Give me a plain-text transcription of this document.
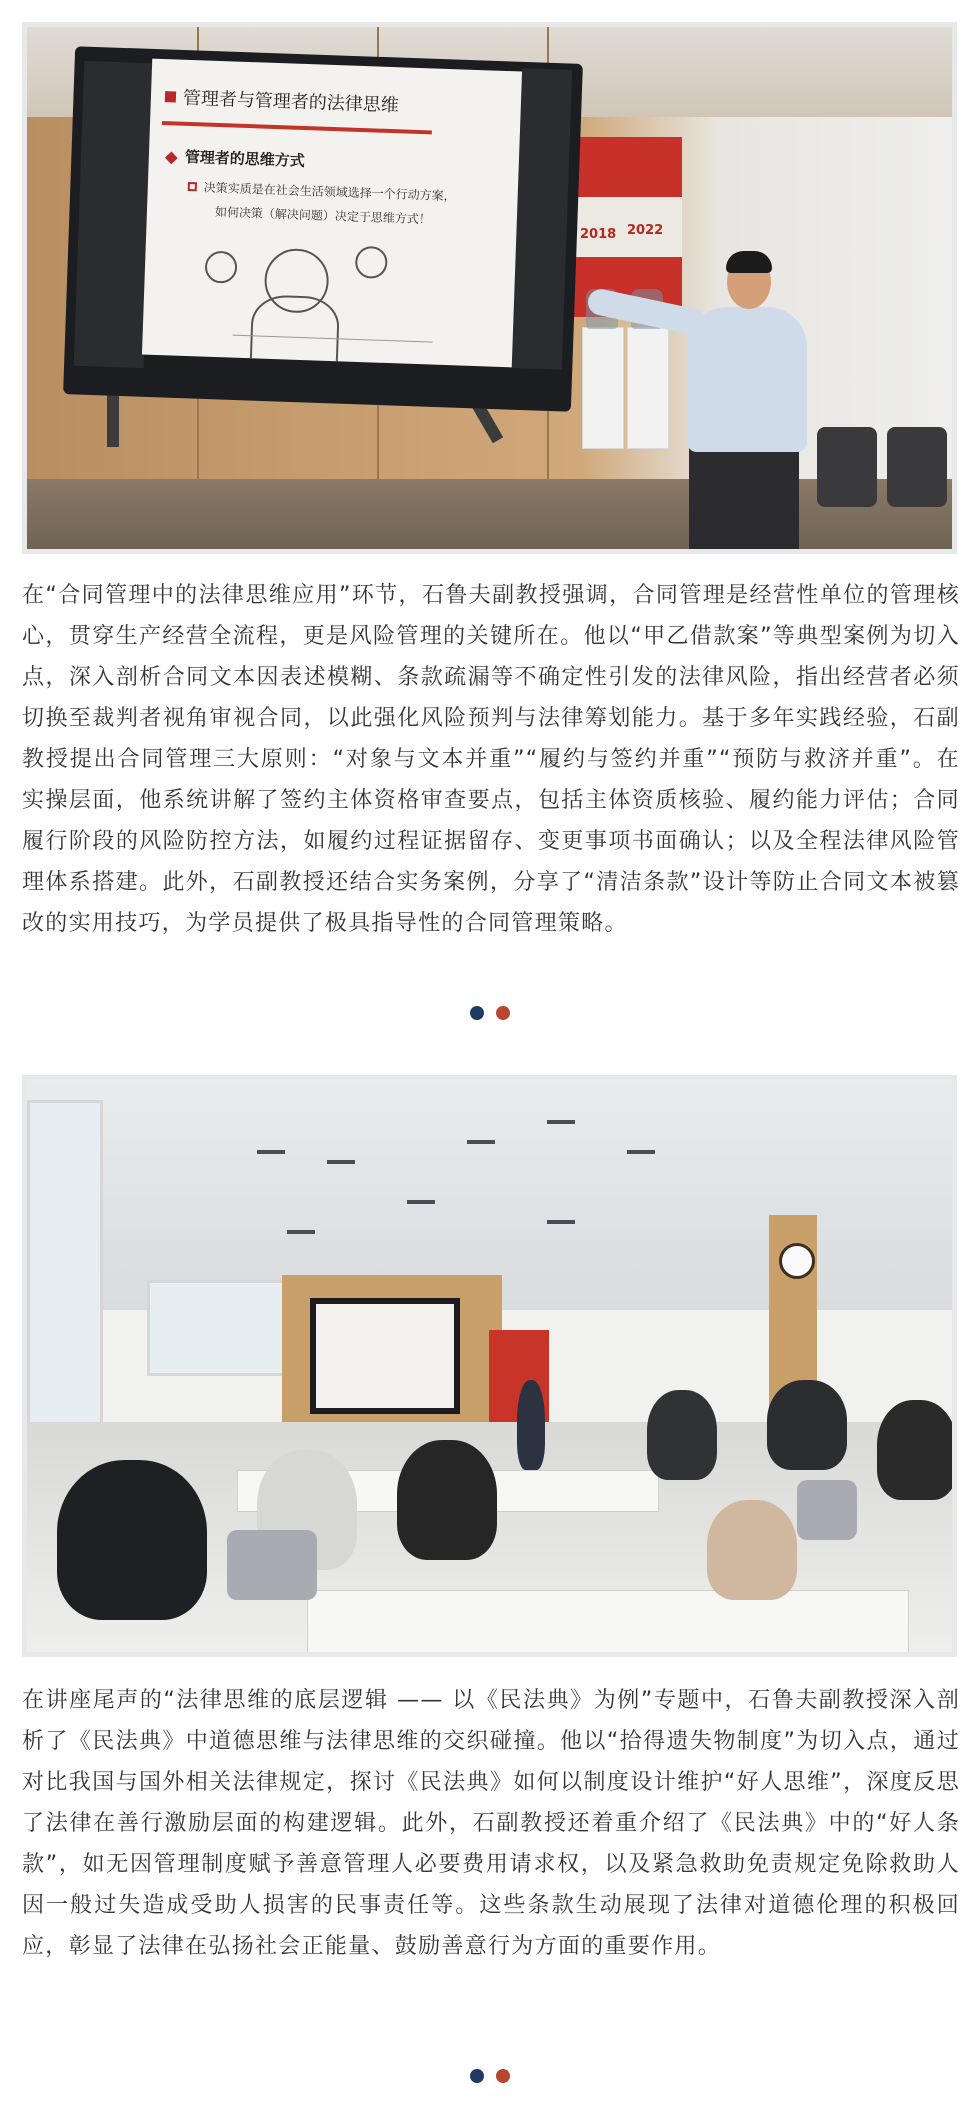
2018 2022
管理者与管理者的法律思维
管理者的思维方式
决策实质是在社会生活领域选择一个行动方案，
如何决策（解决问题）决定于思维方式！

在“合同管理中的法律思维应用”环节，石鲁夫副教授强调，合同管理是经营性单位的管理核心，贯穿生产经营全流程，更是风险管理的关键所在。他以“甲乙借款案”等典型案例为切入点，深入剖析合同文本因表述模糊、条款疏漏等不确定性引发的法律风险，指出经营者必须切换至裁判者视角审视合同，以此强化风险预判与法律筹划能力。基于多年实践经验，石副教授提出合同管理三大原则：“对象与文本并重”“履约与签约并重”“预防与救济并重”。在实操层面，他系统讲解了签约主体资格审查要点，包括主体资质核验、履约能力评估；合同履行阶段的风险防控方法，如履约过程证据留存、变更事项书面确认；以及全程法律风险管理体系搭建。此外，石副教授还结合实务案例，分享了“清洁条款”设计等防止合同文本被篡改的实用技巧，为学员提供了极具指导性的合同管理策略。

在讲座尾声的“法律思维的底层逻辑 —— 以《民法典》为例”专题中，石鲁夫副教授深入剖析了《民法典》中道德思维与法律思维的交织碰撞。他以“拾得遗失物制度”为切入点，通过对比我国与国外相关法律规定，探讨《民法典》如何以制度设计维护“好人思维”，深度反思了法律在善行激励层面的构建逻辑。此外，石副教授还着重介绍了《民法典》中的“好人条款”，如无因管理制度赋予善意管理人必要费用请求权，以及紧急救助免责规定免除救助人因一般过失造成受助人损害的民事责任等。这些条款生动展现了法律对道德伦理的积极回应，彰显了法律在弘扬社会正能量、鼓励善意行为方面的重要作用。
